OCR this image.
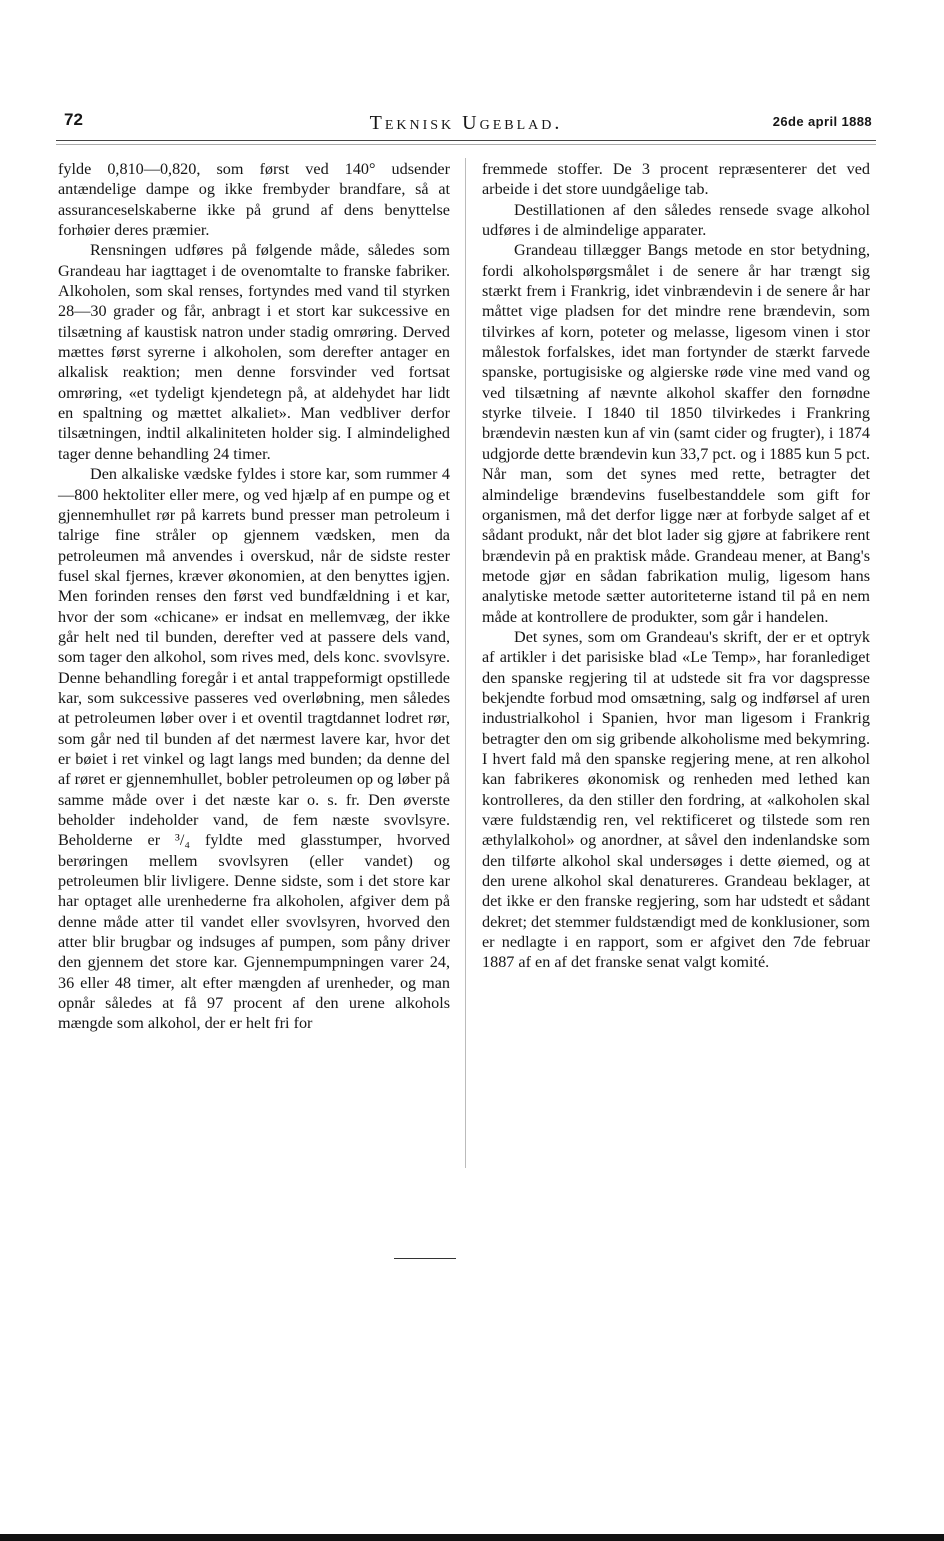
72	Teknisk Ugeblad.	26de april 1888

fylde 0,810—0,820, som først ved 140° udsender antændelige dampe og ikke frembyder brandfare, så at assuranceselskaberne ikke på grund af dens benyttelse forhøier deres præmier.

Rensningen udføres på følgende måde, således som Grandeau har iagttaget i de ovenomtalte to franske fabriker. Alkoholen, som skal renses, fortyndes med vand til styrken 28—30 grader og får, anbragt i et stort kar sukcessive en tilsætning af kaustisk natron under stadig omrøring. Derved mættes først syrerne i alkoholen, som derefter antager en alkalisk reaktion; men denne forsvinder ved fortsat omrøring, «et tydeligt kjendetegn på, at aldehydet har lidt en spaltning og mættet alkaliet». Man vedbliver derfor tilsætningen, indtil alkaliniteten holder sig. I almindelighed tager denne behandling 24 timer.

Den alkaliske vædske fyldes i store kar, som rummer 4—800 hektoliter eller mere, og ved hjælp af en pumpe og et gjennemhullet rør på karrets bund presser man petroleum i talrige fine stråler op gjennem vædsken, men da petroleumen må anvendes i overskud, når de sidste rester fusel skal fjernes, kræver økonomien, at den benyttes igjen. Men forinden renses den først ved bundfældning i et kar, hvor der som «chicane» er indsat en mellemvæg, der ikke går helt ned til bunden, derefter ved at passere dels vand, som tager den alkohol, som rives med, dels konc. svovlsyre. Denne behandling foregår i et antal trappeformigt opstillede kar, som sukcessive passeres ved overløbning, men således at petroleumen løber over i et oventil tragtdannet lodret rør, som går ned til bunden af det nærmest lavere kar, hvor det er bøiet i ret vinkel og lagt langs med bunden; da denne del af røret er gjennemhullet, bobler petroleumen op og løber på samme måde over i det næste kar o. s. fr. Den øverste beholder indeholder vand, de fem næste svovlsyre. Beholderne er ³/₄ fyldte med glasstumper, hvorved berøringen mellem svovlsyren (eller vandet) og petroleumen blir livligere. Denne sidste, som i det store kar har optaget alle urenhederne fra alkoholen, afgiver dem på denne måde atter til vandet eller svovlsyren, hvorved den atter blir brugbar og indsuges af pumpen, som påny driver den gjennem det store kar. Gjennempumpningen varer 24, 36 eller 48 timer, alt efter mængden af urenheder, og man opnår således at få 97 procent af den urene alkohols mængde som alkohol, der er helt fri for

fremmede stoffer. De 3 procent repræsenterer det ved arbeide i det store uundgåelige tab.

Destillationen af den således rensede svage alkohol udføres i de almindelige apparater.

Grandeau tillægger Bangs metode en stor betydning, fordi alkoholspørgsmålet i de senere år har trængt sig stærkt frem i Frankrig, idet vinbrændevin i de senere år har måttet vige pladsen for det mindre rene brændevin, som tilvirkes af korn, poteter og melasse, ligesom vinen i stor målestok forfalskes, idet man fortynder de stærkt farvede spanske, portugisiske og algierske røde vine med vand og ved tilsætning af nævnte alkohol skaffer den fornødne styrke tilveie. I 1840 til 1850 tilvirkedes i Frankring brændevin næsten kun af vin (samt cider og frugter), i 1874 udgjorde dette brændevin kun 33,7 pct. og i 1885 kun 5 pct. Når man, som det synes med rette, betragter det almindelige brændevins fuselbestanddele som gift for organismen, må det derfor ligge nær at forbyde salget af et sådant produkt, når det blot lader sig gjøre at fabrikere rent brændevin på en praktisk måde. Grandeau mener, at Bang's metode gjør en sådan fabrikation mulig, ligesom hans analytiske metode sætter autoriteterne istand til på en nem måde at kontrollere de produkter, som går i handelen.

Det synes, som om Grandeau's skrift, der er et optryk af artikler i det parisiske blad «Le Temp», har foranlediget den spanske regjering til at udstede sit fra vor dagspresse bekjendte forbud mod omsætning, salg og indførsel af uren industrialkohol i Spanien, hvor man ligesom i Frankrig betragter den om sig gribende alkoholisme med bekymring. I hvert fald må den spanske regjering mene, at ren alkohol kan fabrikeres økonomisk og renheden med lethed kan kontrolleres, da den stiller den fordring, at «alkoholen skal være fuldstændig ren, vel rektificeret og tilstede som ren æthylalkohol» og anordner, at såvel den indenlandske som den tilførte alkohol skal undersøges i dette øiemed, og at den urene alkohol skal denatureres. Grandeau beklager, at det ikke er den franske regjering, som har udstedt et sådant dekret; det stemmer fuldstændigt med de konklusioner, som er nedlagte i en rapport, som er afgivet den 7de februar 1887 af en af det franske senat valgt komité.
